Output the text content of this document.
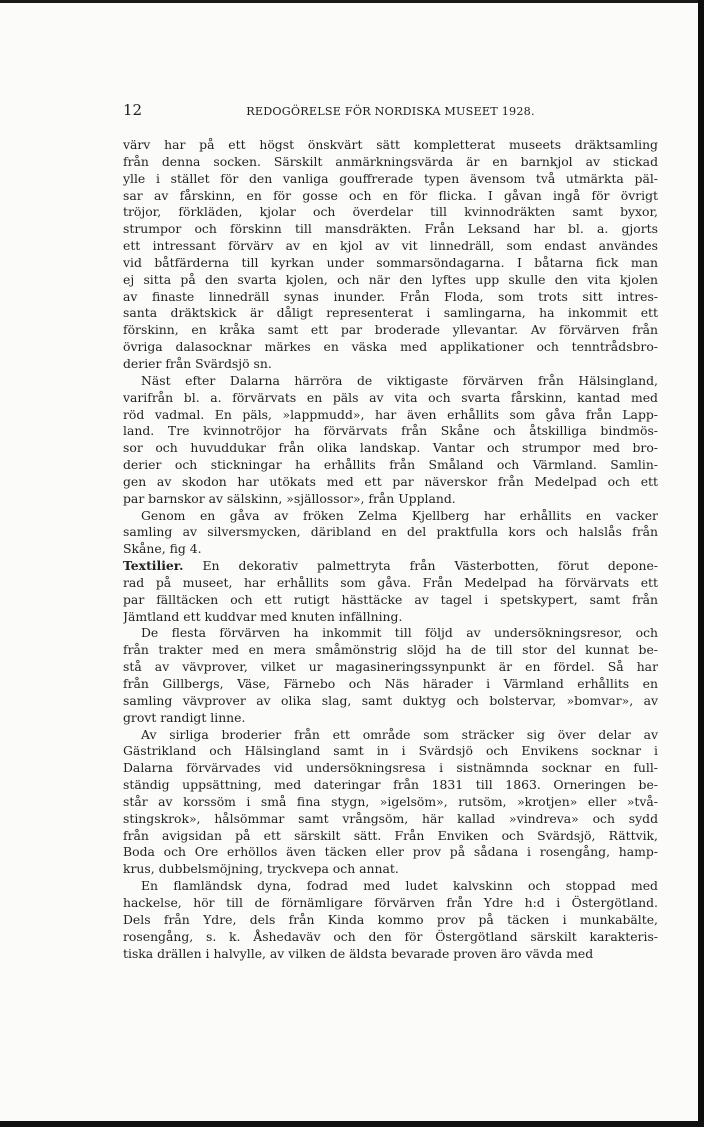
12	REDOGÖRELSE FÖR NORDISKA MUSEET 1928.
värv har på ett högst önskvärt sätt kompletterat museets dräktsamling
från denna socken. Särskilt anmärkningsvärda är en barnkjol av stickad
ylle i stället för den vanliga gouffrerade typen ävensom två utmärkta päl-
sar av fårskinn, en för gosse och en för flicka. I gåvan ingå för övrigt
tröjor, förkläden, kjolar och överdelar till kvinnodräkten samt byxor,
strumpor och förskinn till mansdräkten. Från Leksand har bl. a. gjorts
ett intressant förvärv av en kjol av vit linnedräll, som endast användes
vid båtfärderna till kyrkan under sommarsöndagarna. I båtarna fick man
ej sitta på den svarta kjolen, och när den lyftes upp skulle den vita kjolen
av finaste linnedräll synas inunder. Från Floda, som trots sitt intres-
santa dräktskick är dåligt representerat i samlingarna, ha inkommit ett
förskinn, en kråka samt ett par broderade yllevantar. Av förvärven från
övriga dalasocknar märkes en väska med applikationer och tenntrådsbro-
derier från Svärdsjö sn.
Näst efter Dalarna härröra de viktigaste förvärven från Hälsingland,
varifrån bl. a. förvärvats en päls av vita och svarta fårskinn, kantad med
röd vadmal. En päls, »lappmudd», har även erhållits som gåva från Lapp-
land. Tre kvinnotröjor ha förvärvats från Skåne och åtskilliga bindmös-
sor och huvuddukar från olika landskap. Vantar och strumpor med bro-
derier och stickningar ha erhållits från Småland och Värmland. Samlin-
gen av skodon har utökats med ett par näverskor från Medelpad och ett
par barnskor av sälskinn, »själlossor», från Uppland.
Genom en gåva av fröken Zelma Kjellberg har erhållits en vacker
samling av silversmycken, däribland en del praktfulla kors och halslås från
Skåne, fig 4.
Textilier. En dekorativ palmettryta från Västerbotten, förut depone-
rad på museet, har erhållits som gåva. Från Medelpad ha förvärvats ett
par fälltäcken och ett rutigt hästtäcke av tagel i spetskypert, samt från
Jämtland ett kuddvar med knuten infällning.
De flesta förvärven ha inkommit till följd av undersökningsresor, och
från trakter med en mera småmönstrig slöjd ha de till stor del kunnat be-
stå av vävprover, vilket ur magasineringssynpunkt är en fördel. Så har
från Gillbergs, Väse, Färnebo och Näs härader i Värmland erhållits en
samling vävprover av olika slag, samt duktyg och bolstervar, »bomvar», av
grovt randigt linne.
Av sirliga broderier från ett område som sträcker sig över delar av
Gästrikland och Hälsingland samt in i Svärdsjö och Envikens socknar i
Dalarna förvärvades vid undersökningsresa i sistnämnda socknar en full-
ständig uppsättning, med dateringar från 1831 till 1863. Orneringen be-
står av korssöm i små fina stygn, »igelsöm», rutsöm, »krotjen» eller »två-
stingskrok», hålsömmar samt vrångsöm, här kallad »vindreva» och sydd
från avigsidan på ett särskilt sätt. Från Enviken och Svärdsjö, Rättvik,
Boda och Ore erhöllos även täcken eller prov på sådana i rosengång, hamp-
krus, dubbelsmöjning, tryckvepa och annat.
En flamländsk dyna, fodrad med ludet kalvskinn och stoppad med
hackelse, hör till de förnämligare förvärven från Ydre h:d i Östergötland.
Dels från Ydre, dels från Kinda kommo prov på täcken i munkabälte,
rosengång, s. k. Åshedaväv och den för Östergötland särskilt karakteris-
tiska drällen i halvylle, av vilken de äldsta bevarade proven äro vävda med
